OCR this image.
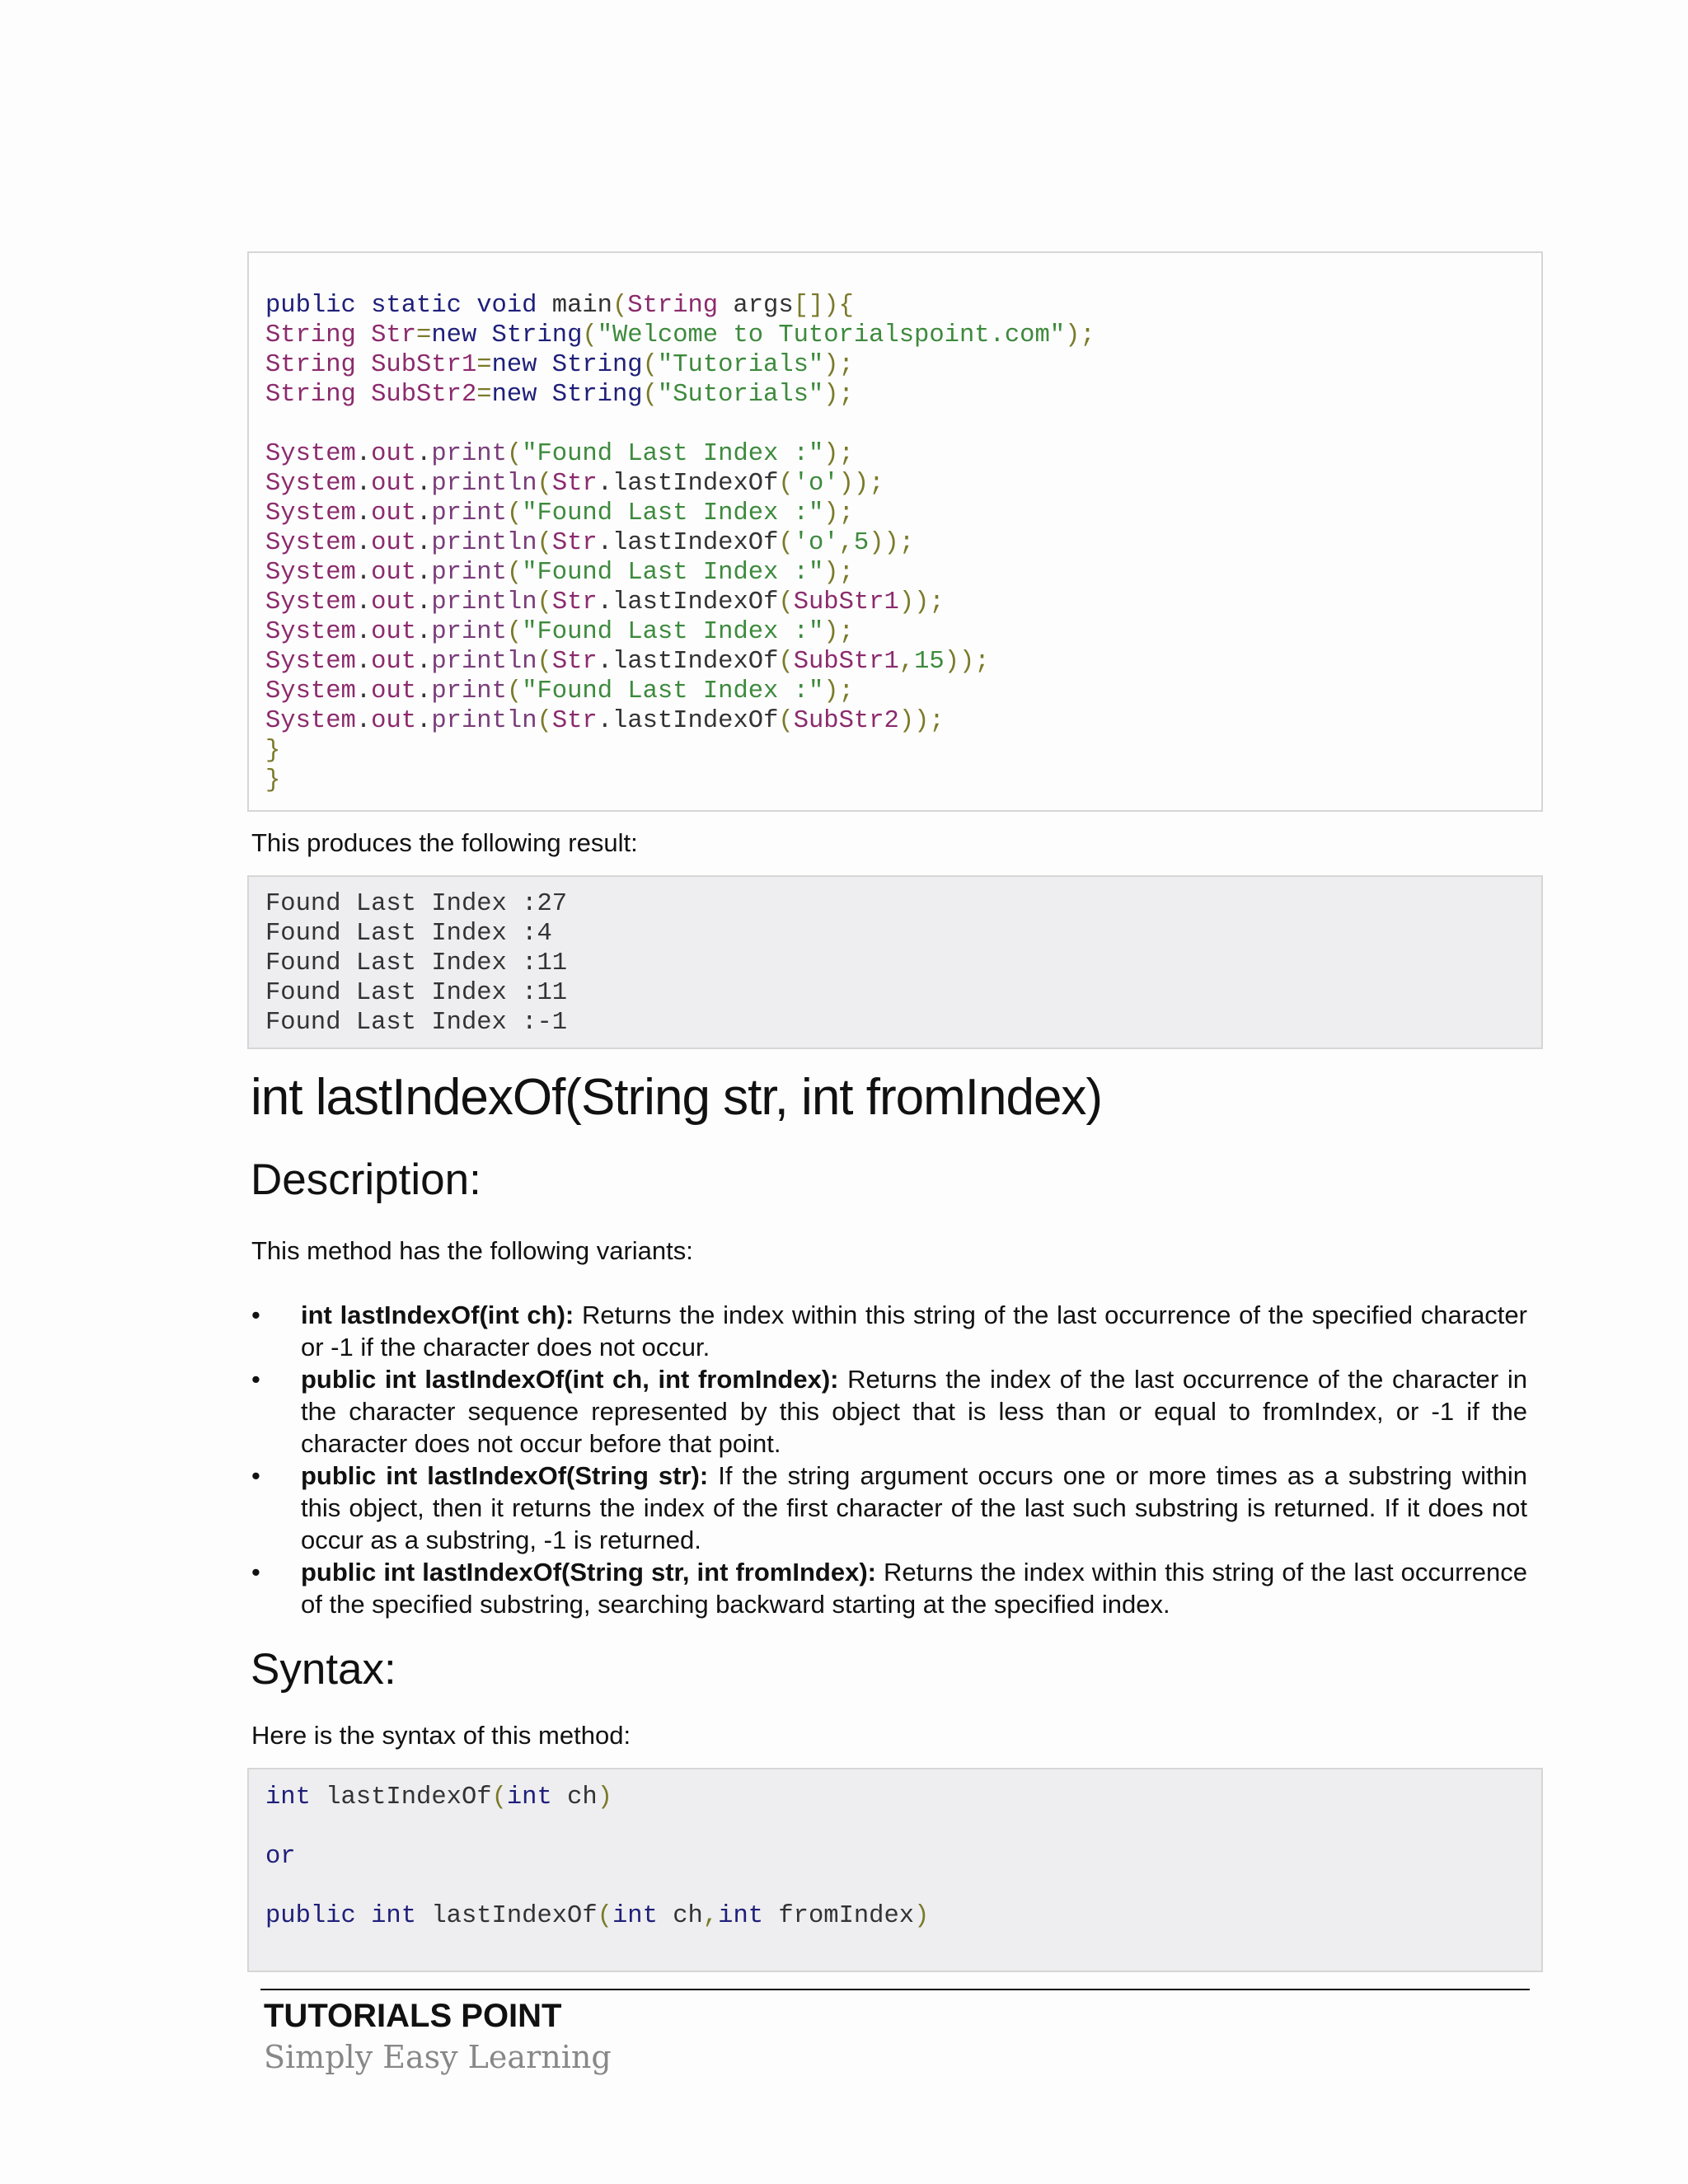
public static void main(String args[]){
String Str=new String("Welcome to Tutorialspoint.com");
String SubStr1=new String("Tutorials");
String SubStr2=new String("Sutorials");
System.out.print("Found Last Index :");
System.out.println(Str.lastIndexOf('o'));
System.out.print("Found Last Index :");
System.out.println(Str.lastIndexOf('o',5));
System.out.print("Found Last Index :");
System.out.println(Str.lastIndexOf(SubStr1));
System.out.print("Found Last Index :");
System.out.println(Str.lastIndexOf(SubStr1,15));
System.out.print("Found Last Index :");
System.out.println(Str.lastIndexOf(SubStr2));
}
}
This produces the following result:
Found Last Index :27
Found Last Index :4
Found Last Index :11
Found Last Index :11
Found Last Index :-1
int lastIndexOf(String str, int fromIndex)
Description:
This method has the following variants:
• int lastIndexOf(int ch): Returns the index within this string of the last occurrence of the specified character or -1 if the character does not occur.
• public int lastIndexOf(int ch, int fromIndex): Returns the index of the last occurrence of the character in the character sequence represented by this object that is less than or equal to fromIndex, or -1 if the character does not occur before that point.
• public int lastIndexOf(String str): If the string argument occurs one or more times as a substring within this object, then it returns the index of the first character of the last such substring is returned. If it does not occur as a substring, -1 is returned.
• public int lastIndexOf(String str, int fromIndex): Returns the index within this string of the last occurrence of the specified substring, searching backward starting at the specified index.
Syntax:
Here is the syntax of this method:
int lastIndexOf(int ch)
or
public int lastIndexOf(int ch,int fromIndex)
TUTORIALS POINT
Simply Easy Learning
